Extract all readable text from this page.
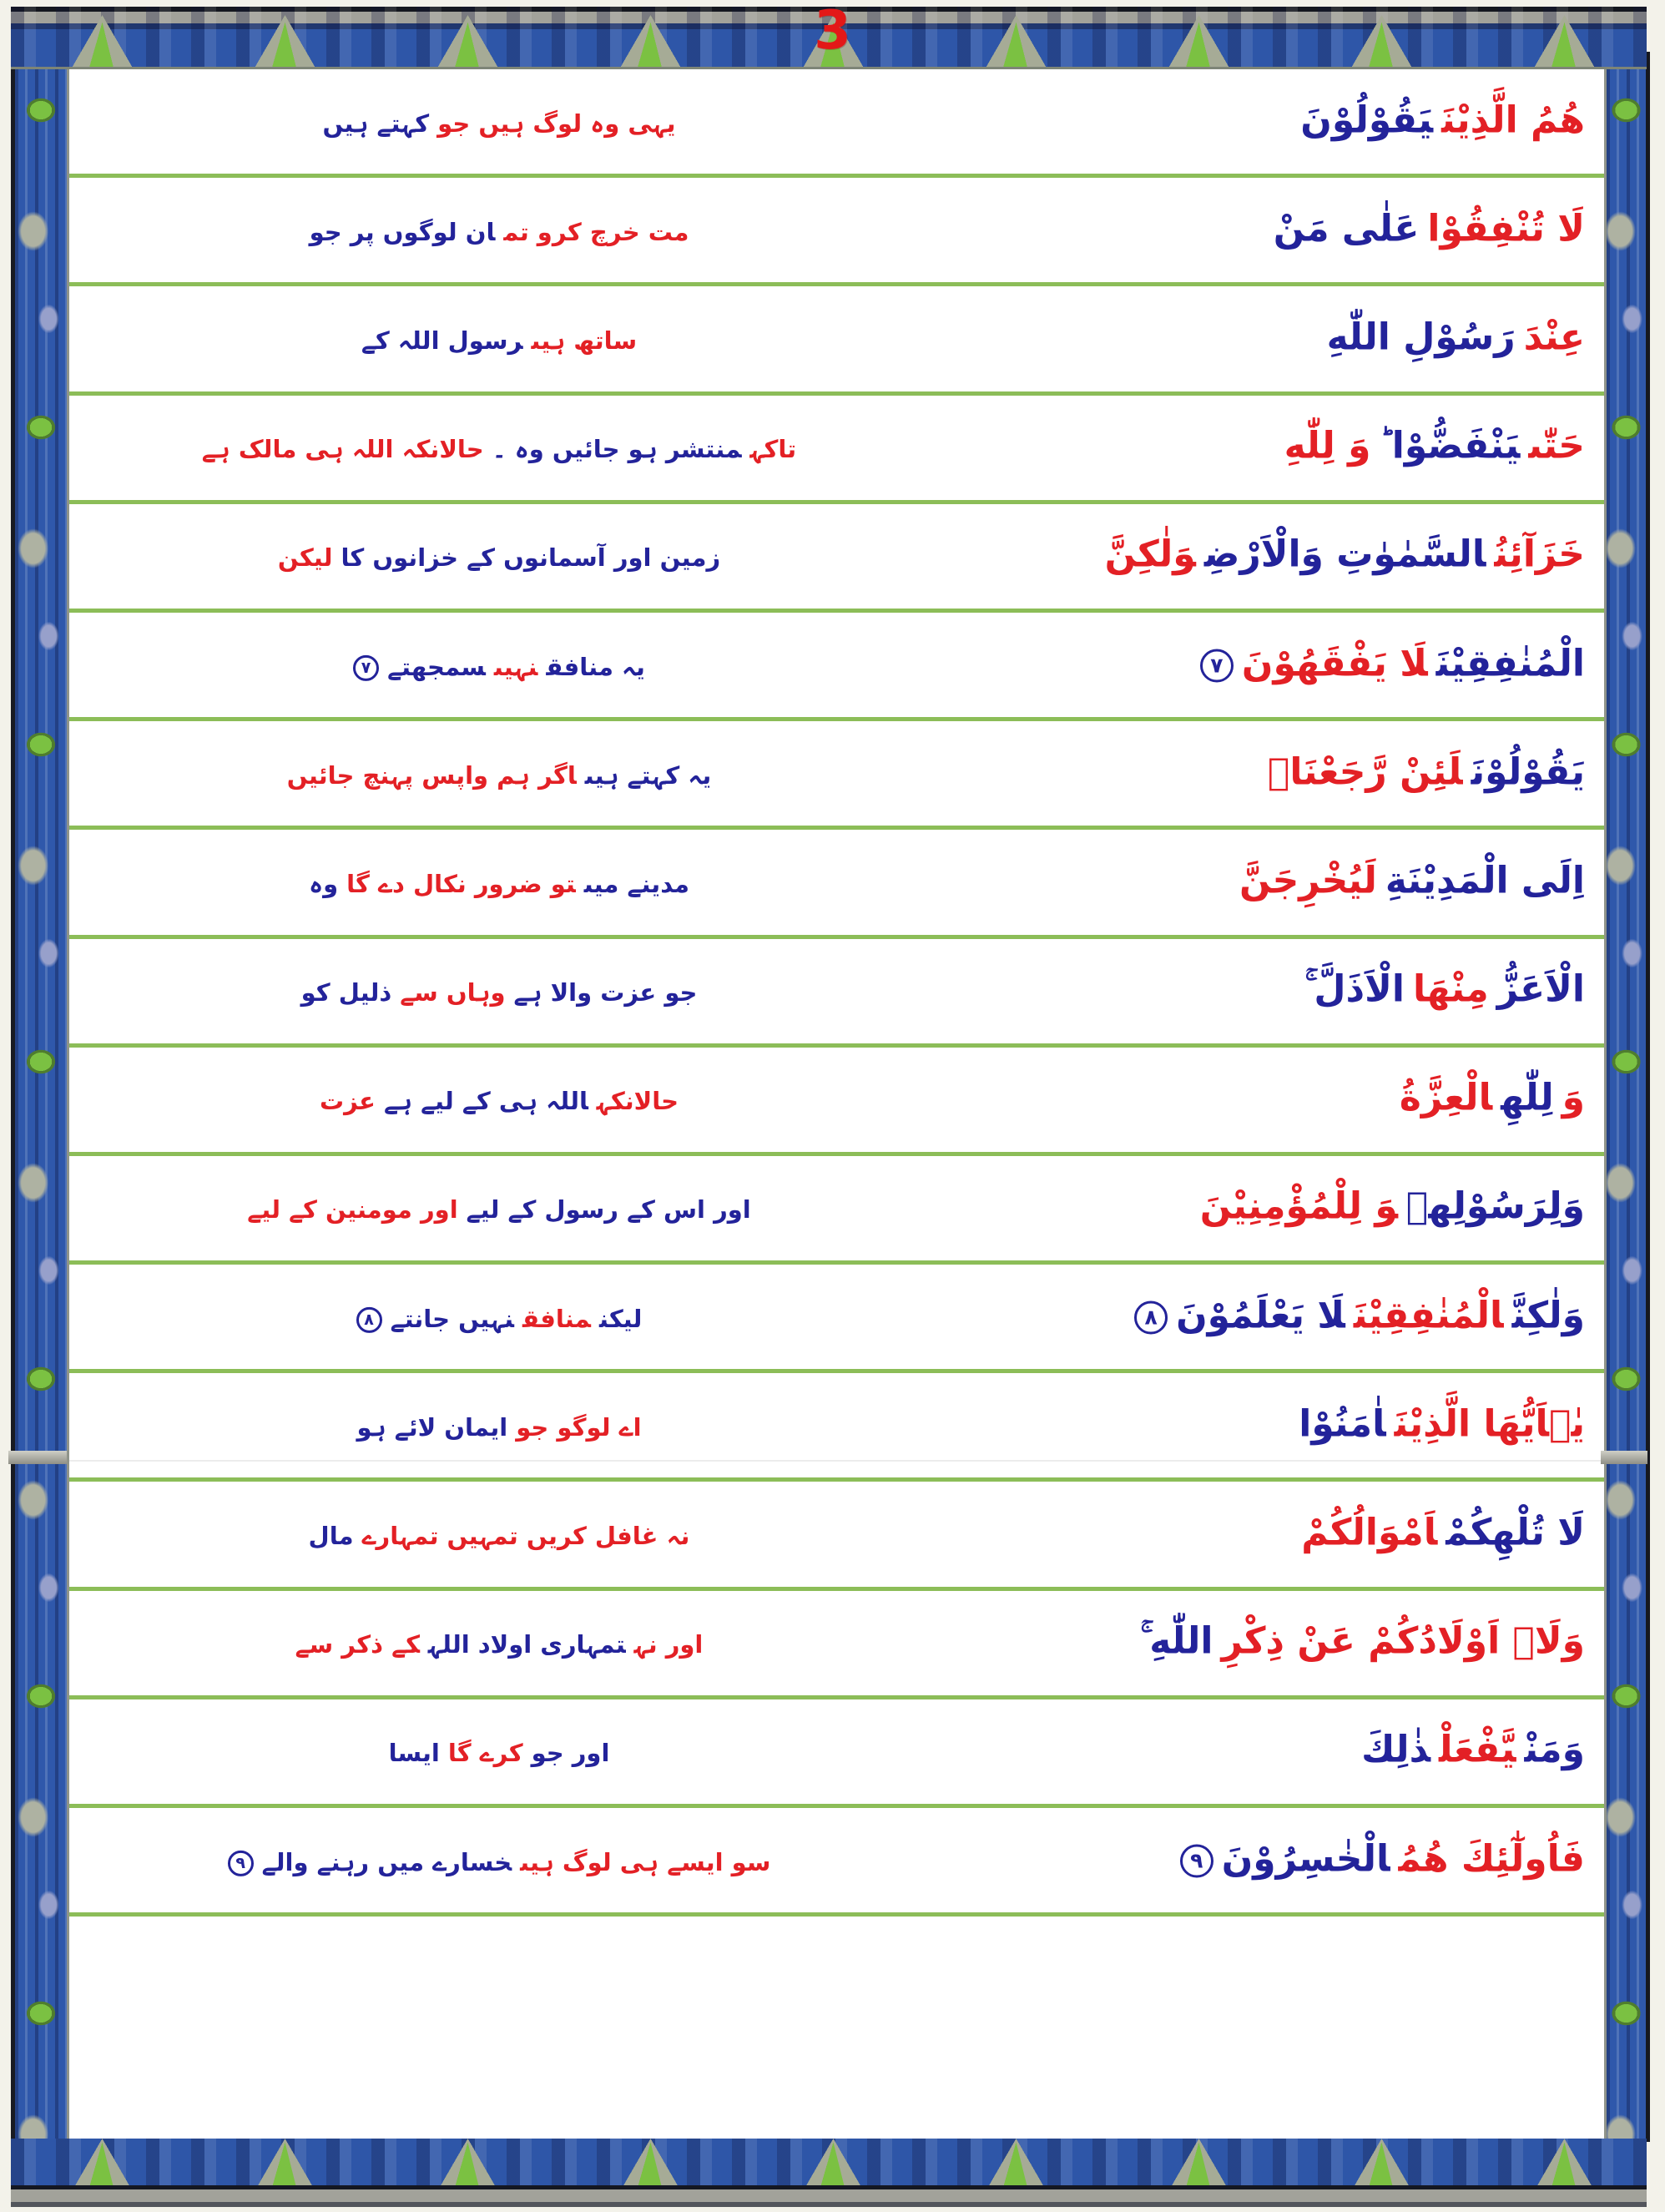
3
یہی وہ لوگ ہیں جوکہتے ہیں	هُمُ الَّذِيْنَيَقُوْلُوْنَ
مت خرچ کرو تمان لوگوں پر جو	لَا تُنْفِقُوْاعَلٰى مَنْ
ساتھ ہیںرسول اللہ کے	عِنْدَرَسُوْلِ اللّٰهِ
تاکہمنتشر ہو جائیں وہ ۔حالانکہ اللہ ہی مالک ہے	حَتّٰىيَنْفَضُّوْا ؕوَ لِلّٰهِ
زمین اور آسمانوں کے خزانوں کالیکن	خَزَآئِنُالسَّمٰوٰتِ وَالْاَرْضِوَلٰكِنَّ
یہ منافقنہیںسمجھتے۷	الْمُنٰفِقِيْنَلَا يَفْقَهُوْنَ۷
یہ کہتے ہیںاگر ہم واپس پہنچ جائیں	يَقُوْلُوْنَلَئِنْ رَّجَعْنَاۤ
مدینے میںتو ضرور نکال دے گاوہ	اِلَى الْمَدِيْنَةِلَيُخْرِجَنَّ
جو عزت والا ہےوہاں سےذلیل کو	الْاَعَزُّمِنْهَاالْاَذَلَّ ۚ
حالانکہاللہ ہی کے لیے ہےعزت	وَلِلّٰهِالْعِزَّةُ
اور اس کے رسول کے لیےاور مومنین کے لیے	وَلِرَسُوْلِهٖوَ لِلْمُؤْمِنِيْنَ
لیکنمنافقنہیں جانتے۸	وَلٰكِنَّالْمُنٰفِقِيْنَلَا يَعْلَمُوْنَ۸
اے لوگو جوایمان لائے ہو	يٰۤاَيُّهَا الَّذِيْنَاٰمَنُوْا
نہ غافل کریں تمہیں تمہارےمال	لَا تُلْهِكُمْاَمْوَالُكُمْ
اور نہتمہاری اولاد اللہکے ذکر سے	وَلَاۤ اَوْلَادُكُمْ عَنْ ذِكْرِاللّٰهِ ۚ
اور جوکرے گاایسا	وَمَنْيَّفْعَلْذٰلِكَ
سو ایسے ہی لوگ ہیںخسارے میں رہنے والے۹	فَاُولٰٓئِكَ هُمُالْخٰسِرُوْنَ۹
